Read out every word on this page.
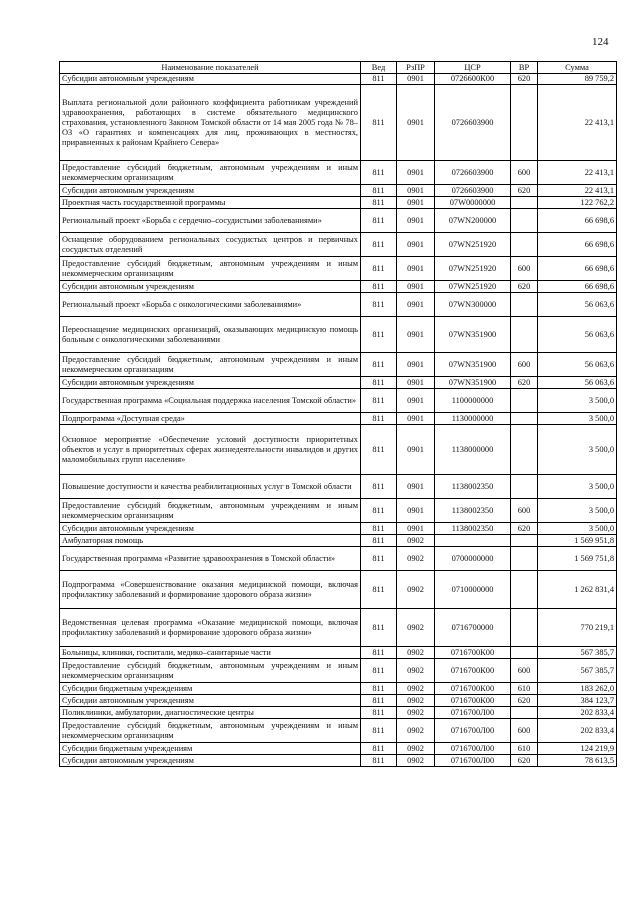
124
Наименование показателей	Вед	РзПР	ЦСР	ВР	Сумма
Субсидии автономным учреждениям	811	0901	0726600К00	620	89 759,2
Выплата региональной доли районного коэффициента работникам учреждений здравоохранения, работающих в системе обязательного медицинского страхования, установленного Законом Томской области от 14 мая 2005 года № 78–ОЗ «О гарантиях и компенсациях для лиц, проживающих в местностях, приравненных к районам Крайнего Севера»	811	0901	0726603900		22 413,1
Предоставление субсидий бюджетным, автономным учреждениям и иным некоммерческим организациям	811	0901	0726603900	600	22 413,1
Субсидии автономным учреждениям	811	0901	0726603900	620	22 413,1
Проектная часть государственной программы	811	0901	07W0000000		122 762,2
Региональный проект «Борьба с сердечно–сосудистыми заболеваниями»	811	0901	07WN200000		66 698,6
Оснащение оборудованием региональных сосудистых центров и первичных сосудистых отделений	811	0901	07WN251920		66 698,6
Предоставление субсидий бюджетным, автономным учреждениям и иным некоммерческим организациям	811	0901	07WN251920	600	66 698,6
Субсидии автономным учреждениям	811	0901	07WN251920	620	66 698,6
Региональный проект «Борьба с онкологическими заболеваниями»	811	0901	07WN300000		56 063,6
Переоснащение медицинских организаций, оказывающих медицинскую помощь больным с онкологическими заболеваниями	811	0901	07WN351900		56 063,6
Предоставление субсидий бюджетным, автономным учреждениям и иным некоммерческим организациям	811	0901	07WN351900	600	56 063,6
Субсидии автономным учреждениям	811	0901	07WN351900	620	56 063,6
Государственная программа «Социальная поддержка населения Томской области»	811	0901	1100000000		3 500,0
Подпрограмма «Доступная среда»	811	0901	1130000000		3 500,0
Основное мероприятие «Обеспечение условий доступности приоритетных объектов и услуг в приоритетных сферах жизнедеятельности инвалидов и других маломобильных групп населения»	811	0901	1138000000		3 500,0
Повышение доступности и качества реабилитационных услуг в Томской области	811	0901	1138002350		3 500,0
Предоставление субсидий бюджетным, автономным учреждениям и иным некоммерческим организациям	811	0901	1138002350	600	3 500,0
Субсидии автономным учреждениям	811	0901	1138002350	620	3 500,0
Амбулаторная помощь	811	0902			1 569 951,8
Государственная программа «Развитие здравоохранения в Томской области»	811	0902	0700000000		1 569 751,8
Подпрограмма «Совершенствование оказания медицинской помощи, включая профилактику заболеваний и формирование здорового образа жизни»	811	0902	0710000000		1 262 831,4
Ведомственная целевая программа «Оказание медицинской помощи, включая профилактику заболеваний и формирование здорового образа жизни»	811	0902	0716700000		770 219,1
Больницы, клиники, госпитали, медико–санитарные части	811	0902	0716700К00		567 385,7
Предоставление субсидий бюджетным, автономным учреждениям и иным некоммерческим организациям	811	0902	0716700К00	600	567 385,7
Субсидии бюджетным учреждениям	811	0902	0716700К00	610	183 262,0
Субсидии автономным учреждениям	811	0902	0716700К00	620	384 123,7
Поликлиники, амбулатории, диагностические центры	811	0902	0716700Л00		202 833,4
Предоставление субсидий бюджетным, автономным учреждениям и иным некоммерческим организациям	811	0902	0716700Л00	600	202 833,4
Субсидии бюджетным учреждениям	811	0902	0716700Л00	610	124 219,9
Субсидии автономным учреждениям	811	0902	0716700Л00	620	78 613,5
